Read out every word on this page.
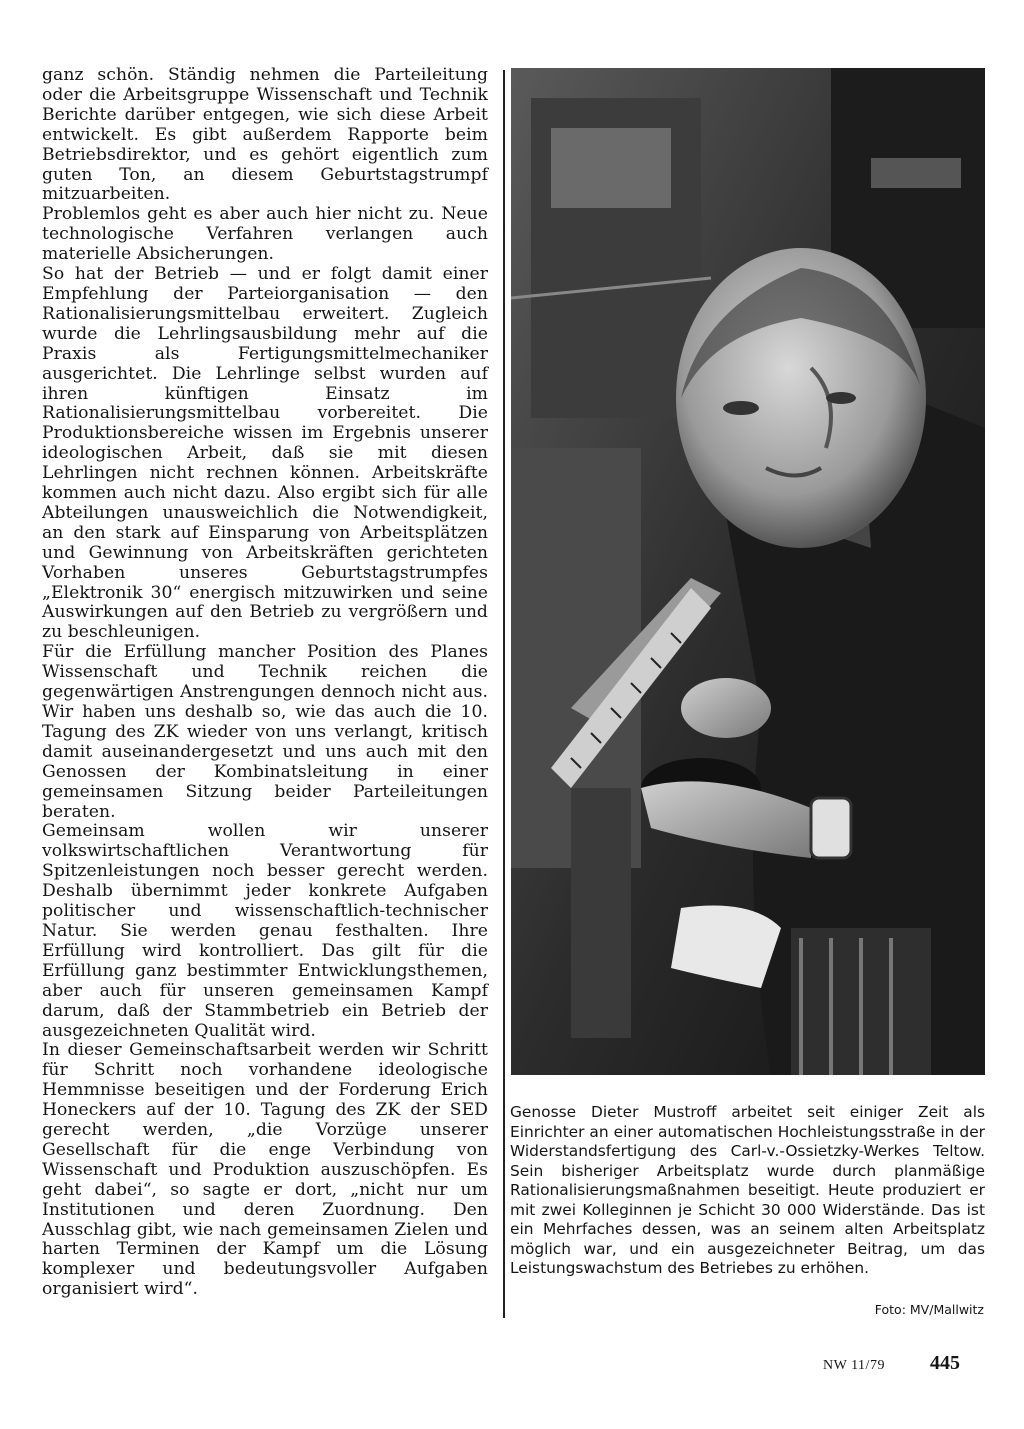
ganz schön. Ständig nehmen die Parteileitung oder die Arbeitsgruppe Wissenschaft und Technik Berichte darüber entgegen, wie sich diese Arbeit entwickelt. Es gibt außerdem Rapporte beim Betriebsdirektor, und es gehört eigentlich zum guten Ton, an diesem Geburtstagstrumpf mitzuarbeiten.

Problemlos geht es aber auch hier nicht zu. Neue technologische Verfahren verlangen auch materielle Absicherungen.

So hat der Betrieb — und er folgt damit einer Empfehlung der Parteiorganisation — den Rationalisierungsmittelbau erweitert. Zugleich wurde die Lehrlingsausbildung mehr auf die Praxis als Fertigungsmittelmechaniker ausgerichtet. Die Lehrlinge selbst wurden auf ihren künftigen Einsatz im Rationalisierungsmittelbau vorbereitet. Die Produktionsbereiche wissen im Ergebnis unserer ideologischen Arbeit, daß sie mit diesen Lehrlingen nicht rechnen können. Arbeitskräfte kommen auch nicht dazu. Also ergibt sich für alle Abteilungen unausweichlich die Notwendigkeit, an den stark auf Einsparung von Arbeitsplätzen und Gewinnung von Arbeitskräften gerichteten Vorhaben unseres Geburtstagstrumpfes „Elektronik 30“ energisch mitzuwirken und seine Auswirkungen auf den Betrieb zu vergrößern und zu beschleunigen.

Für die Erfüllung mancher Position des Planes Wissenschaft und Technik reichen die gegenwärtigen Anstrengungen dennoch nicht aus. Wir haben uns deshalb so, wie das auch die 10. Tagung des ZK wieder von uns verlangt, kritisch damit auseinandergesetzt und uns auch mit den Genossen der Kombinatsleitung in einer gemeinsamen Sitzung beider Parteileitungen beraten.

Gemeinsam wollen wir unserer volkswirtschaftlichen Verantwortung für Spitzenleistungen noch besser gerecht werden. Deshalb übernimmt jeder konkrete Aufgaben politischer und wissenschaftlich-technischer Natur. Sie werden genau festhalten. Ihre Erfüllung wird kontrolliert. Das gilt für die Erfüllung ganz bestimmter Entwicklungsthemen, aber auch für unseren gemeinsamen Kampf darum, daß der Stammbetrieb ein Betrieb der ausgezeichneten Qualität wird.

In dieser Gemeinschaftsarbeit werden wir Schritt für Schritt noch vorhandene ideologische Hemmnisse beseitigen und der Forderung Erich Honeckers auf der 10. Tagung des ZK der SED gerecht werden, „die Vorzüge unserer Gesellschaft für die enge Verbindung von Wissenschaft und Produktion auszuschöpfen. Es geht dabei“, so sagte er dort, „nicht nur um Institutionen und deren Zuordnung. Den Ausschlag gibt, wie nach gemeinsamen Zielen und harten Terminen der Kampf um die Lösung komplexer und bedeutungsvoller Aufgaben organisiert wird“.

Genosse Dieter Mustroff arbeitet seit einiger Zeit als Einrichter an einer automatischen Hochleistungsstraße in der Widerstandsfertigung des Carl-v.-Ossietzky-Werkes Teltow. Sein bisheriger Arbeitsplatz wurde durch planmäßige Rationalisierungsmaßnahmen beseitigt. Heute produziert er mit zwei Kolleginnen je Schicht 30 000 Widerstände. Das ist ein Mehrfaches dessen, was an seinem alten Arbeitsplatz möglich war, und ein ausgezeichneter Beitrag, um das Leistungswachstum des Betriebes zu erhöhen.
Foto: MV/Mallwitz
NW 11/79 445
